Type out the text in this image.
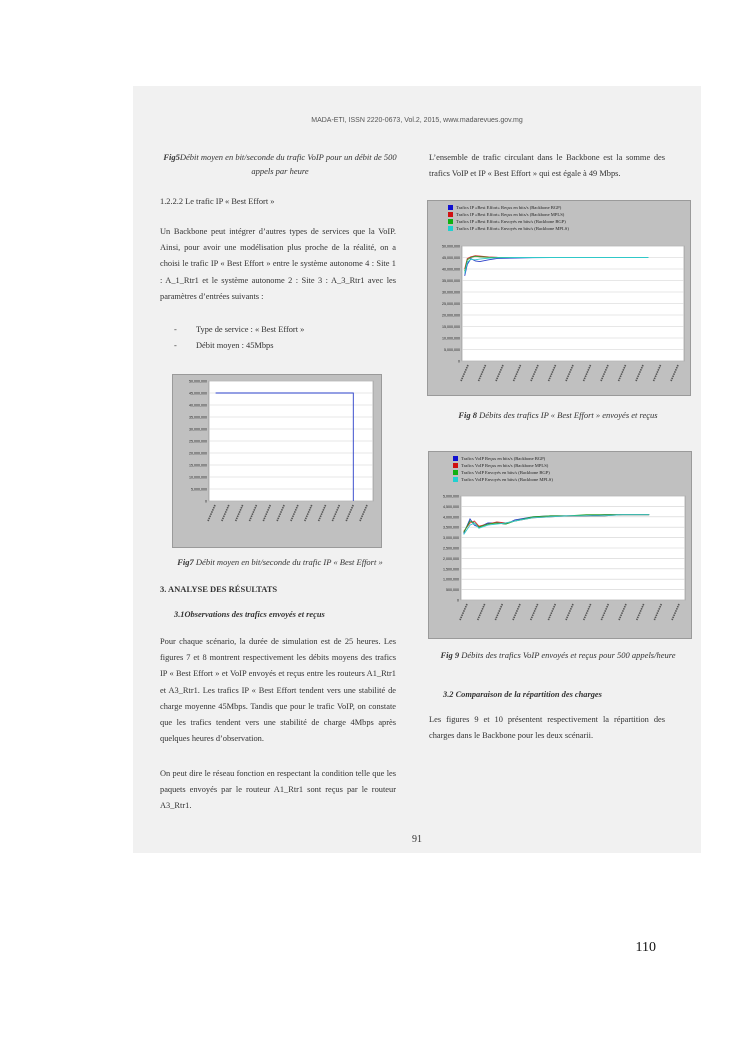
MADA-ETI, ISSN 2220-0673, Vol.2, 2015, www.madarevues.gov.mg
Fig5Débit moyen en bit/seconde du trafic VoIP pour un débit de 500 appels par heure
1.2.2.2 Le trafic IP « Best Effort »
Un Backbone peut intégrer d’autres types de services que la VoIP. Ainsi, pour avoir une modélisation plus proche de la réalité, on a choisi le trafic IP « Best Effort » entre le système autonome 4 : Site 1 : A_1_Rtr1 et le système autonome 2 : Site 3 : A_3_Rtr1 avec les paramètres d’entrées suivants :
- Type de service : « Best Effort »
- Débit moyen : 45Mbps
50,000,000
45,000,000
40,000,000
35,000,000
30,000,000
25,000,000
20,000,000
15,000,000
10,000,000
5,000,000
0
Fig7 Débit moyen en bit/seconde du trafic IP « Best Effort »
3. ANALYSE DES RÉSULTATS
3.1Observations des trafics envoyés et reçus
Pour chaque scénario, la durée de simulation est de 25 heures. Les figures 7 et 8 montrent respectivement les débits moyens des trafics IP « Best Effort » et VoIP envoyés et reçus entre les routeurs A1_Rtr1 et A3_Rtr1. Les trafics IP « Best Effort tendent vers une stabilité de charge moyenne 45Mbps. Tandis que pour le trafic VoIP, on constate que les trafics tendent vers une stabilité de charge 4Mbps après quelques heures d’observation.
On peut dire le réseau fonction en respectant la condition telle que les paquets envoyés par le routeur A1_Rtr1 sont reçus par le routeur A3_Rtr1.
L’ensemble de trafic circulant dans le Backbone est la somme des trafics VoIP et IP « Best Effort » qui est égale à 49 Mbps.
Trafics IP «Best Effort» Reçus en bits/s (Backbone BGP)
Trafics IP «Best Effort» Reçus en bits/s (Backbone MPLS)
Trafics IP «Best Effort» Envoyés en bits/s (Backbone BGP)
Trafics IP «Best Effort» Envoyés en bits/s (Backbone MPLS)
50,000,000
45,000,000
40,000,000
35,000,000
30,000,000
25,000,000
20,000,000
15,000,000
10,000,000
5,000,000
0
Fig 8 Débits des trafics IP « Best Effort » envoyés et reçus
Trafics VoIP Reçus en bits/s (Backbone BGP)
Trafics VoIP Reçus en bits/s (Backbone MPLS)
Trafics VoIP Envoyés en bits/s (Backbone BGP)
Trafics VoIP Envoyés en bits/s (Backbone MPLS)
5,000,000
4,500,000
4,000,000
3,500,000
3,000,000
2,500,000
2,000,000
1,500,000
1,000,000
500,000
0
Fig 9 Débits des trafics VoIP envoyés et reçus pour 500 appels/heure
3.2 Comparaison de la répartition des charges
Les figures 9 et 10 présentent respectivement la répartition des charges dans le Backbone pour les deux scénarii.
91
110
